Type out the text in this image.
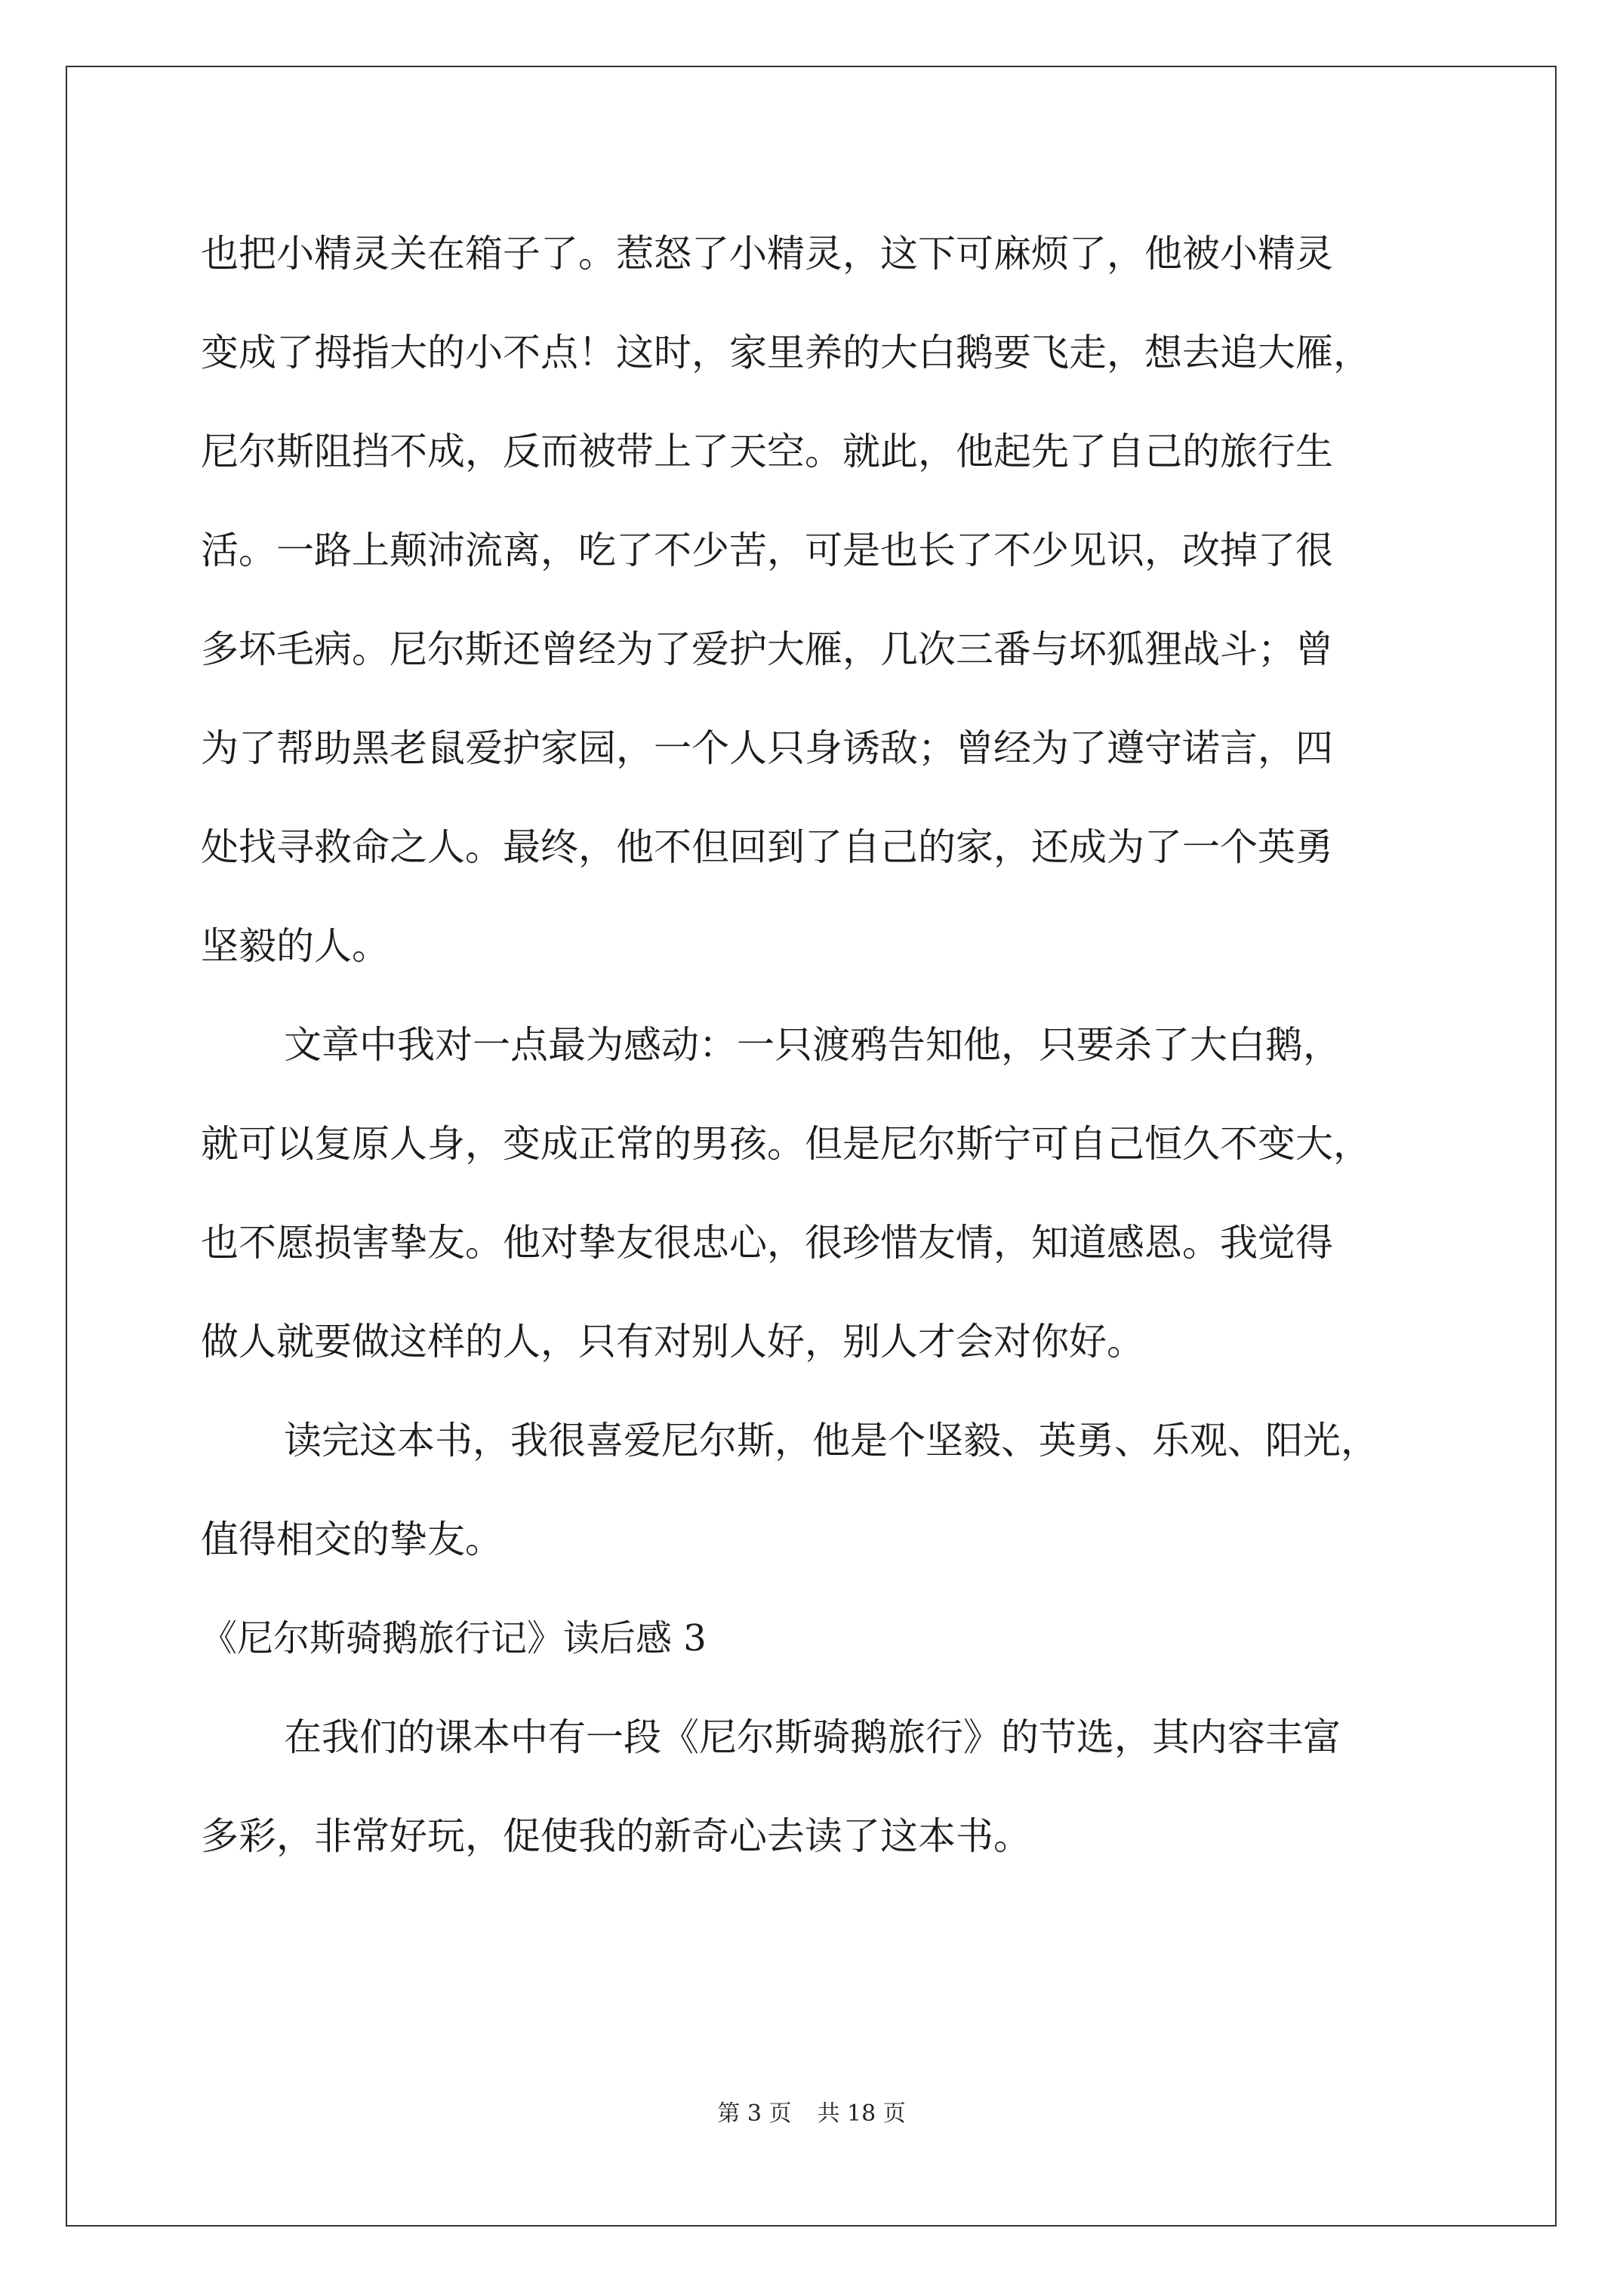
也把小精灵关在箱子了。惹怒了小精灵，这下可麻烦了，他被小精灵
变成了拇指大的小不点！这时，家里养的大白鹅要飞走，想去追大雁，
尼尔斯阻挡不成，反而被带上了天空。就此，他起先了自己的旅行生
活。一路上颠沛流离，吃了不少苦，可是也长了不少见识，改掉了很
多坏毛病。尼尔斯还曾经为了爱护大雁，几次三番与坏狐狸战斗；曾
为了帮助黑老鼠爱护家园，一个人只身诱敌；曾经为了遵守诺言，四
处找寻救命之人。最终，他不但回到了自己的家，还成为了一个英勇
坚毅的人。
文章中我对一点最为感动：一只渡鸦告知他，只要杀了大白鹅，
就可以复原人身，变成正常的男孩。但是尼尔斯宁可自己恒久不变大，
也不愿损害挚友。他对挚友很忠心，很珍惜友情，知道感恩。我觉得
做人就要做这样的人，只有对别人好，别人才会对你好。
读完这本书，我很喜爱尼尔斯，他是个坚毅、英勇、乐观、阳光，
值得相交的挚友。
《尼尔斯骑鹅旅行记》读后感 3
在我们的课本中有一段《尼尔斯骑鹅旅行》的节选，其内容丰富
多彩，非常好玩，促使我的新奇心去读了这本书。
第 3 页 共 18 页
